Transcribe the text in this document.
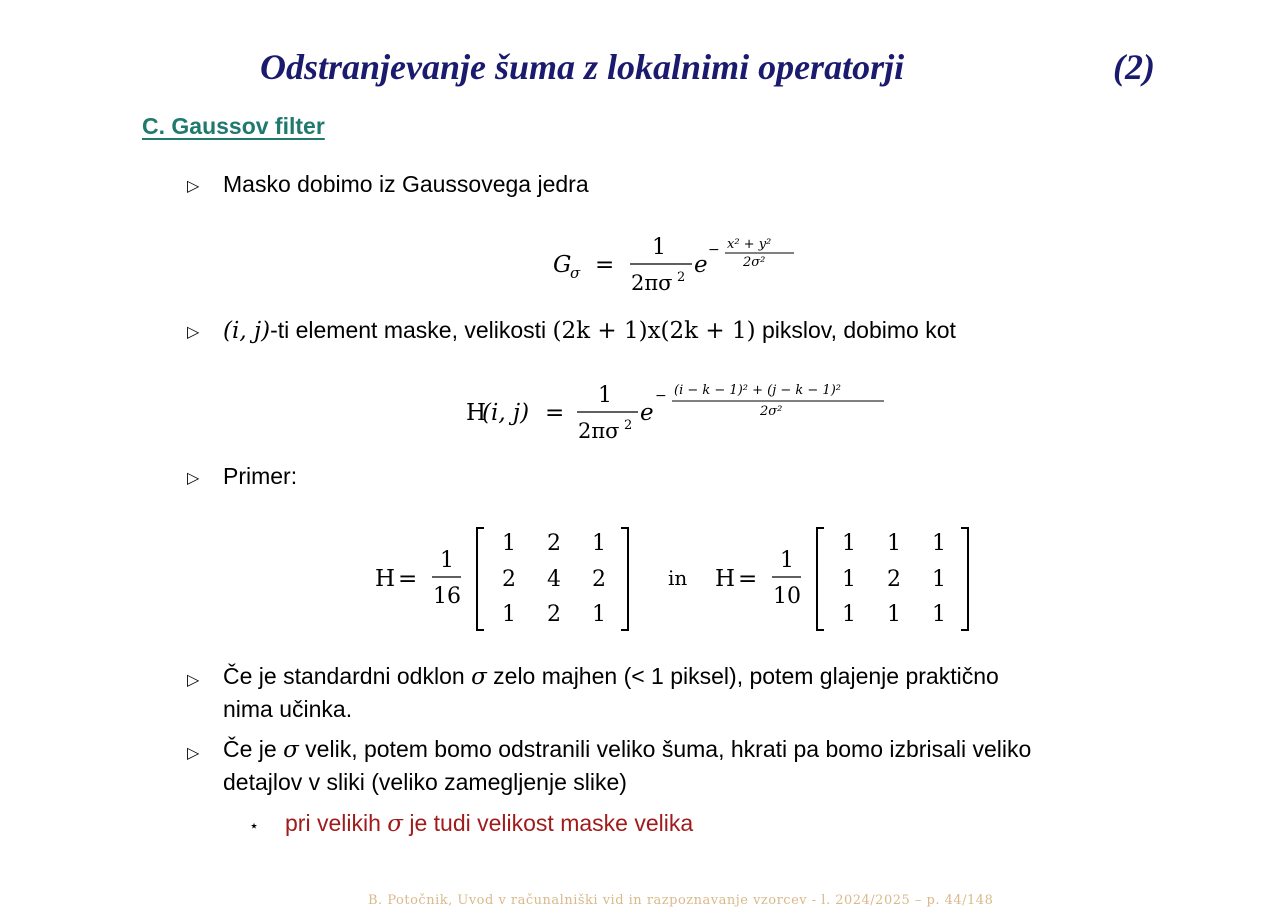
Odstranjevanje šuma z lokalnimi operatorji	(2)
C. Gaussov filter
▷ Masko dobimo iz Gaussovega jedra
G
σ =
1
2πσ 2 e
− x² + y²
2σ²
▷ (i, j)-ti element maske, velikosti (2k + 1)x(2k + 1) pikslov, dobimo kot
H
(i, j) =
1
2πσ 2 e
− (i − k − 1)² + (j − k − 1)²
2σ²
▷ Primer:
H =
1
16
1 2 1
2 4 2
1 2 1
in H =
1
10
1 1 1
1 2 1
1 1 1
▷ Če je standardni odklon σ zelo majhen (< 1 piksel), potem glajenje praktično
nima učinka.
▷ Če je σ velik, potem bomo odstranili veliko šuma, hkrati pa bomo izbrisali veliko
detajlov v sliki (veliko zamegljenje slike)
⋆ pri velikih σ je tudi velikost maske velika
B. Potočnik, Uvod v računalniški vid in razpoznavanje vzorcev - l. 2024/2025 – p. 44/148
